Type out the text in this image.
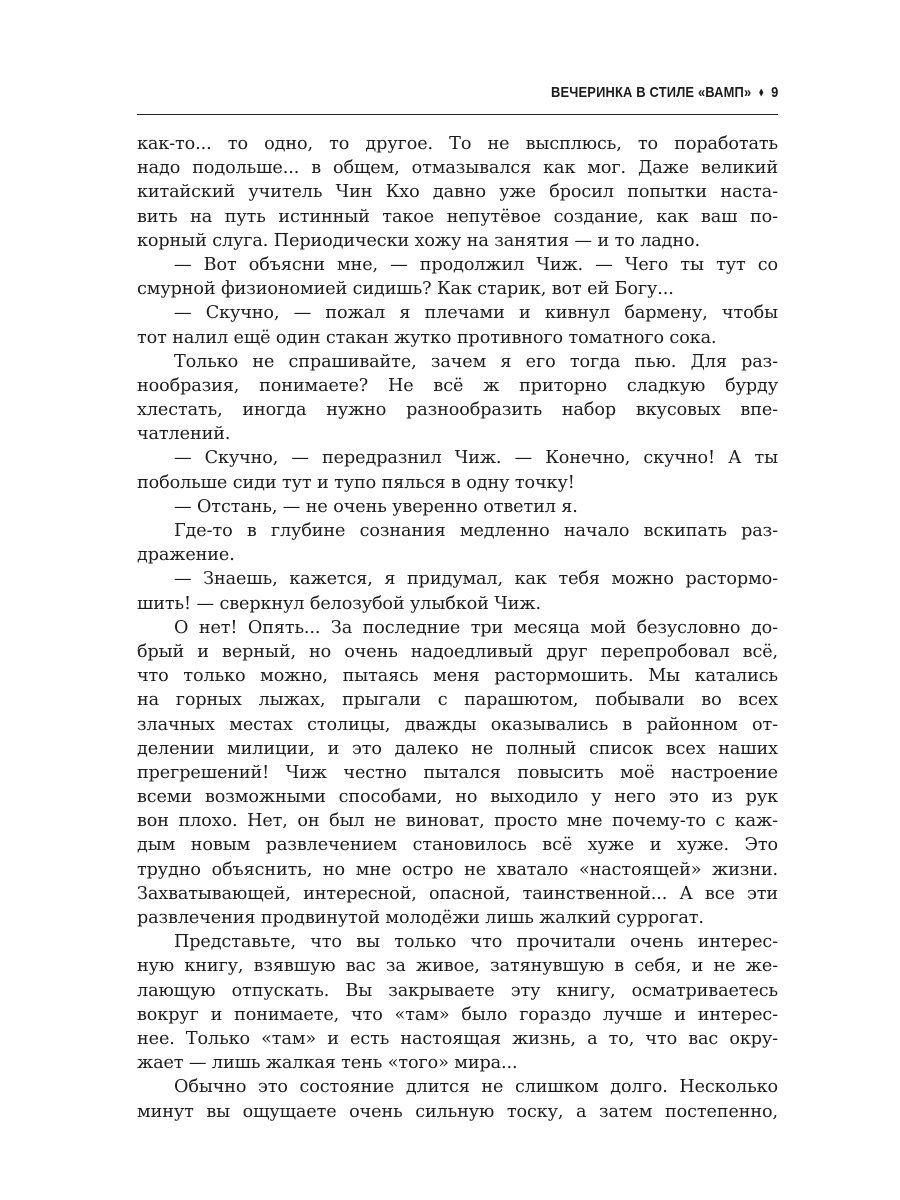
ВЕЧЕРИНКА В СТИЛЕ «ВАМП» 9
как-то... то одно, то другое. То не высплюсь, то поработать
надо подольше... в общем, отмазывался как мог. Даже великий
китайский учитель Чин Кхо давно уже бросил попытки наста-
вить на путь истинный такое непутёвое создание, как ваш по-
корный слуга. Периодически хожу на занятия — и то ладно.
— Вот объясни мне, — продолжил Чиж. — Чего ты тут со
смурной физиономией сидишь? Как старик, вот ей Богу...
— Скучно, — пожал я плечами и кивнул бармену, чтобы
тот налил ещё один стакан жутко противного томатного сока.
Только не спрашивайте, зачем я его тогда пью. Для раз-
нообразия, понимаете? Не всё ж приторно сладкую бурду
хлестать, иногда нужно разнообразить набор вкусовых впе-
чатлений.
— Скучно, — передразнил Чиж. — Конечно, скучно! А ты
побольше сиди тут и тупо пялься в одну точку!
— Отстань, — не очень уверенно ответил я.
Где-то в глубине сознания медленно начало вскипать раз-
дражение.
— Знаешь, кажется, я придумал, как тебя можно растормо-
шить! — сверкнул белозубой улыбкой Чиж.
О нет! Опять... За последние три месяца мой безусловно до-
брый и верный, но очень надоедливый друг перепробовал всё,
что только можно, пытаясь меня растормошить. Мы катались
на горных лыжах, прыгали с парашютом, побывали во всех
злачных местах столицы, дважды оказывались в районном от-
делении милиции, и это далеко не полный список всех наших
прегрешений! Чиж честно пытался повысить моё настроение
всеми возможными способами, но выходило у него это из рук
вон плохо. Нет, он был не виноват, просто мне почему-то с каж-
дым новым развлечением становилось всё хуже и хуже. Это
трудно объяснить, но мне остро не хватало «настоящей» жизни.
Захватывающей, интересной, опасной, таинственной... А все эти
развлечения продвинутой молодёжи лишь жалкий суррогат.
Представьте, что вы только что прочитали очень интерес-
ную книгу, взявшую вас за живое, затянувшую в себя, и не же-
лающую отпускать. Вы закрываете эту книгу, осматриваетесь
вокруг и понимаете, что «там» было гораздо лучше и интерес-
нее. Только «там» и есть настоящая жизнь, а то, что вас окру-
жает — лишь жалкая тень «того» мира...
Обычно это состояние длится не слишком долго. Несколько
минут вы ощущаете очень сильную тоску, а затем постепенно,
